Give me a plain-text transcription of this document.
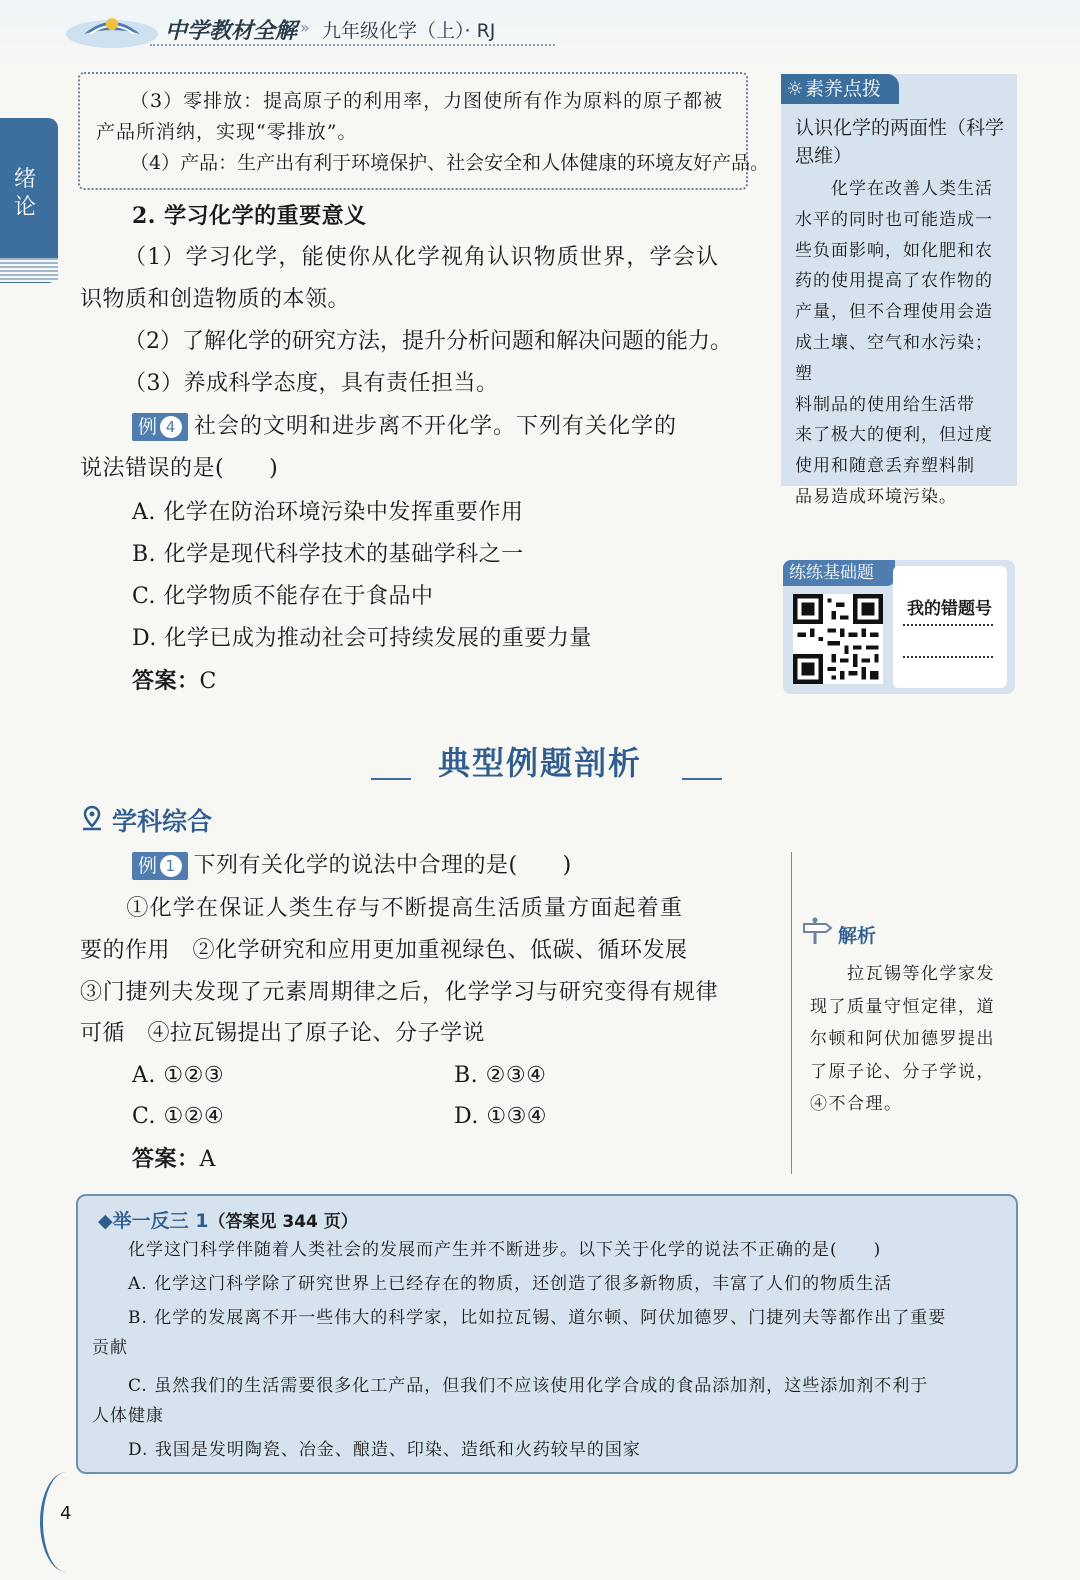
中学教材全解 » 九年级化学（上）· RJ
绪论

（3）零排放：提高原子的利用率，力图使所有作为原料的原子都被

产品所消纳，实现“零排放”。

（4）产品：生产出有利于环境保护、社会安全和人体健康的环境友好产品。

2. 学习化学的重要意义
（1）学习化学，能使你从化学视角认识物质世界，学会认
识物质和创造物质的本领。
（2）了解化学的研究方法，提升分析问题和解决问题的能力。
（3）养成科学态度，具有责任担当。
例 4 社会的文明和进步离不开化学。下列有关化学的
说法错误的是(　　)
A. 化学在防治环境污染中发挥重要作用
B. 化学是现代科学技术的基础学科之一
C. 化学物质不能存在于食品中
D. 化学已成为推动社会可持续发展的重要力量
答案：C
☼素养点拨
认识化学的两面性（科学思维）
　　化学在改善人类生活
水平的同时也可能造成一
些负面影响，如化肥和农
药的使用提高了农作物的
产量，但不合理使用会造
成土壤、空气和水污染；塑
料制品的使用给生活带
来了极大的便利，但过度
使用和随意丢弃塑料制
品易造成环境污染。
练练基础题
我的错题号
典型例题剖析
学科综合
例 1 下列有关化学的说法中合理的是(　　)
　　①化学在保证人类生存与不断提高生活质量方面起着重
要的作用　②化学研究和应用更加重视绿色、低碳、循环发展
③门捷列夫发现了元素周期律之后，化学学习与研究变得有规律
可循　④拉瓦锡提出了原子论、分子学说
A. ①②③	B. ②③④
C. ①②④	D. ①③④
答案：A
解析
　　拉瓦锡等化学家发
现了质量守恒定律，道
尔顿和阿伏加德罗提出
了原子论、分子学说，
④不合理。
◆举一反三 1（答案见 344 页）
　　化学这门科学伴随着人类社会的发展而产生并不断进步。以下关于化学的说法不正确的是(　　)
　　A. 化学这门科学除了研究世界上已经存在的物质，还创造了很多新物质，丰富了人们的物质生活
　　B. 化学的发展离不开一些伟大的科学家，比如拉瓦锡、道尔顿、阿伏加德罗、门捷列夫等都作出了重要
贡献
　　C. 虽然我们的生活需要很多化工产品，但我们不应该使用化学合成的食品添加剂，这些添加剂不利于
人体健康
　　D. 我国是发明陶瓷、冶金、酿造、印染、造纸和火药较早的国家
4
